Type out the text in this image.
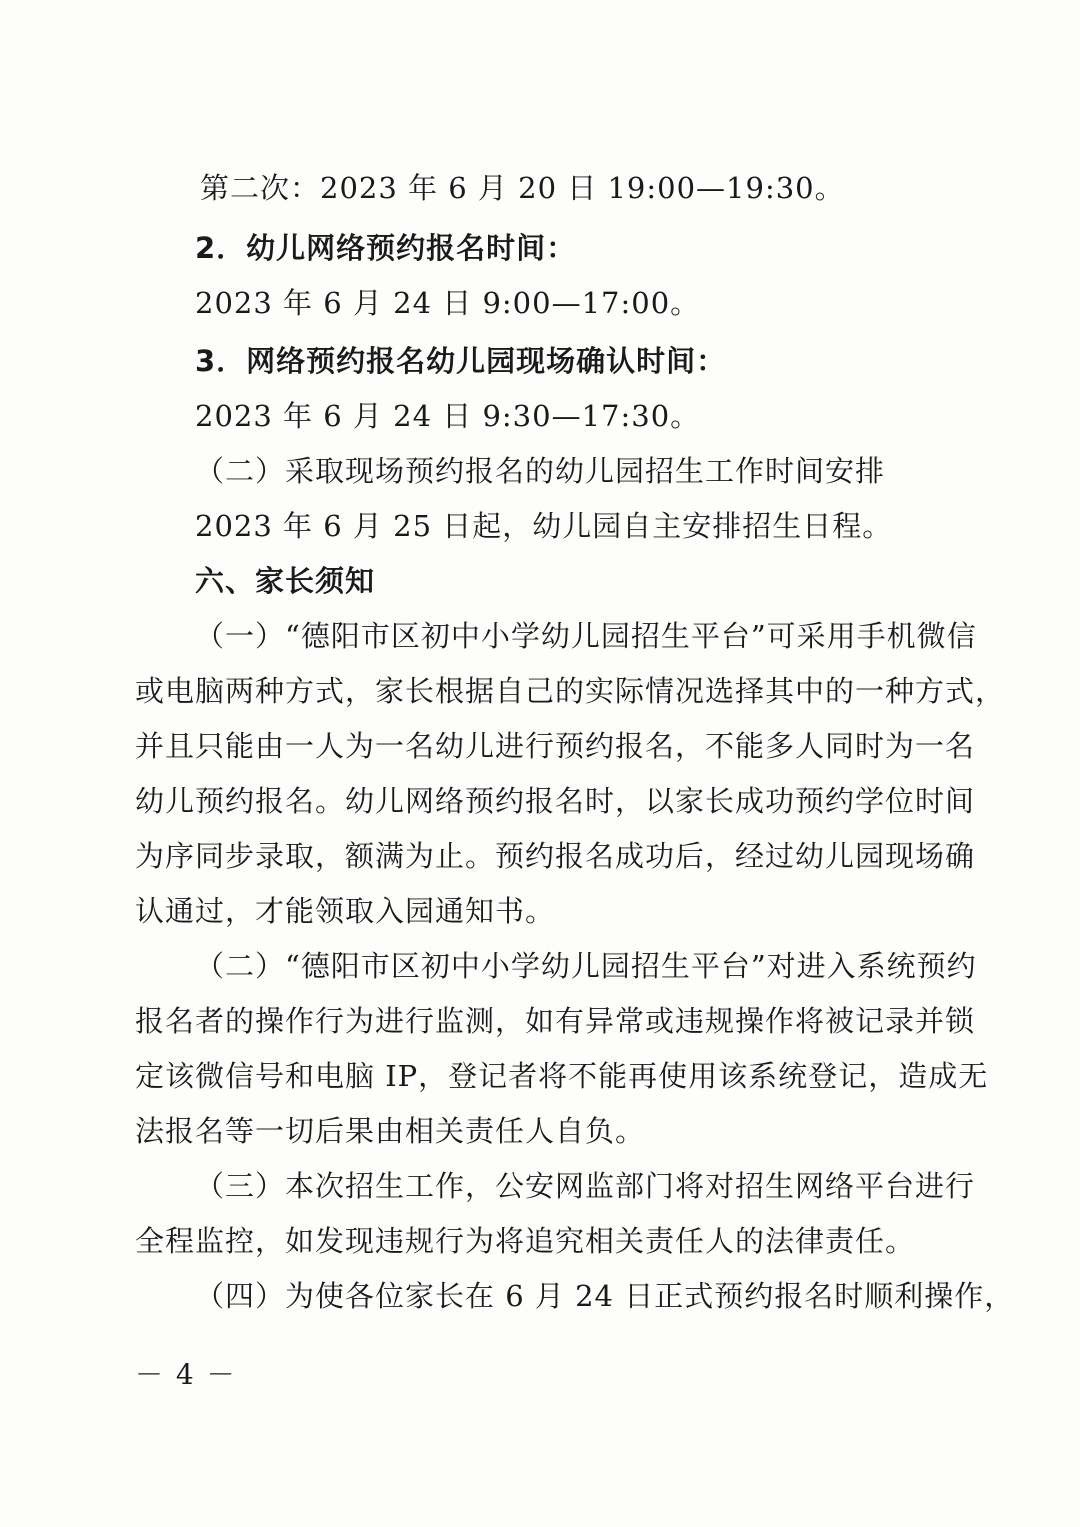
第二次：2023 年 6 月 20 日 19:00—19:30。
2．幼儿网络预约报名时间：
2023 年 6 月 24 日 9:00—17:00。
3．网络预约报名幼儿园现场确认时间：
2023 年 6 月 24 日 9:30—17:30。
（二）采取现场预约报名的幼儿园招生工作时间安排
2023 年 6 月 25 日起，幼儿园自主安排招生日程。
六、家长须知
（一）“德阳市区初中小学幼儿园招生平台”可采用手机微信
或电脑两种方式，家长根据自己的实际情况选择其中的一种方式，
并且只能由一人为一名幼儿进行预约报名，不能多人同时为一名
幼儿预约报名。幼儿网络预约报名时，以家长成功预约学位时间
为序同步录取，额满为止。预约报名成功后，经过幼儿园现场确
认通过，才能领取入园通知书。
（二）“德阳市区初中小学幼儿园招生平台”对进入系统预约
报名者的操作行为进行监测，如有异常或违规操作将被记录并锁
定该微信号和电脑 IP，登记者将不能再使用该系统登记，造成无
法报名等一切后果由相关责任人自负。
（三）本次招生工作，公安网监部门将对招生网络平台进行
全程监控，如发现违规行为将追究相关责任人的法律责任。
（四）为使各位家长在 6 月 24 日正式预约报名时顺利操作，
－ 4 －
